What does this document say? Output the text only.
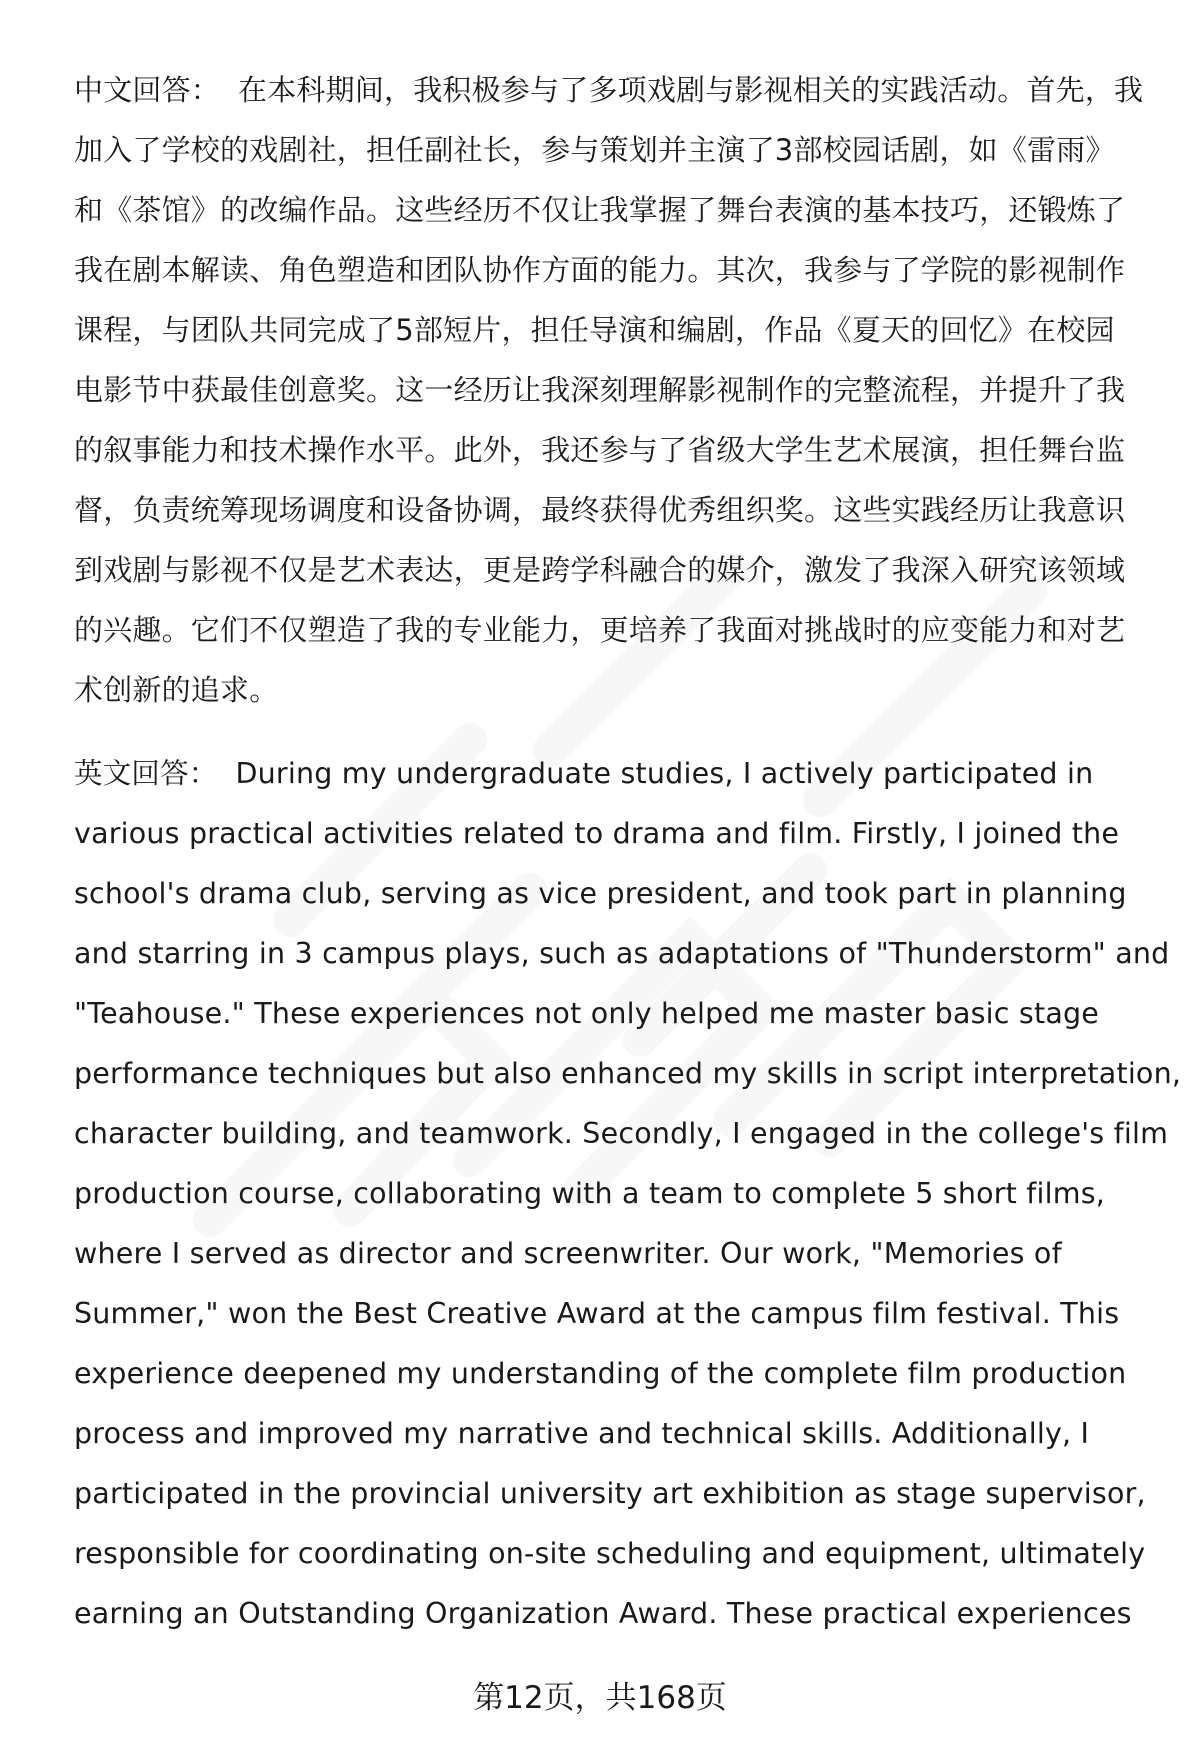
中文回答： 在本科期间，我积极参与了多项戏剧与影视相关的实践活动。首先，我
加入了学校的戏剧社，担任副社长，参与策划并主演了3部校园话剧，如《雷雨》
和《茶馆》的改编作品。这些经历不仅让我掌握了舞台表演的基本技巧，还锻炼了
我在剧本解读、角色塑造和团队协作方面的能力。其次，我参与了学院的影视制作
课程，与团队共同完成了5部短片，担任导演和编剧，作品《夏天的回忆》在校园
电影节中获最佳创意奖。这一经历让我深刻理解影视制作的完整流程，并提升了我
的叙事能力和技术操作水平。此外，我还参与了省级大学生艺术展演，担任舞台监
督，负责统筹现场调度和设备协调，最终获得优秀组织奖。这些实践经历让我意识
到戏剧与影视不仅是艺术表达，更是跨学科融合的媒介，激发了我深入研究该领域
的兴趣。它们不仅塑造了我的专业能力，更培养了我面对挑战时的应变能力和对艺
术创新的追求。
英文回答： During my undergraduate studies, I actively participated in
various practical activities related to drama and film. Firstly, I joined the
school's drama club, serving as vice president, and took part in planning
and starring in 3 campus plays, such as adaptations of "Thunderstorm" and
"Teahouse." These experiences not only helped me master basic stage
performance techniques but also enhanced my skills in script interpretation,
character building, and teamwork. Secondly, I engaged in the college's film
production course, collaborating with a team to complete 5 short films,
where I served as director and screenwriter. Our work, "Memories of
Summer," won the Best Creative Award at the campus film festival. This
experience deepened my understanding of the complete film production
process and improved my narrative and technical skills. Additionally, I
participated in the provincial university art exhibition as stage supervisor,
responsible for coordinating on-site scheduling and equipment, ultimately
earning an Outstanding Organization Award. These practical experiences
第12页，共168页
